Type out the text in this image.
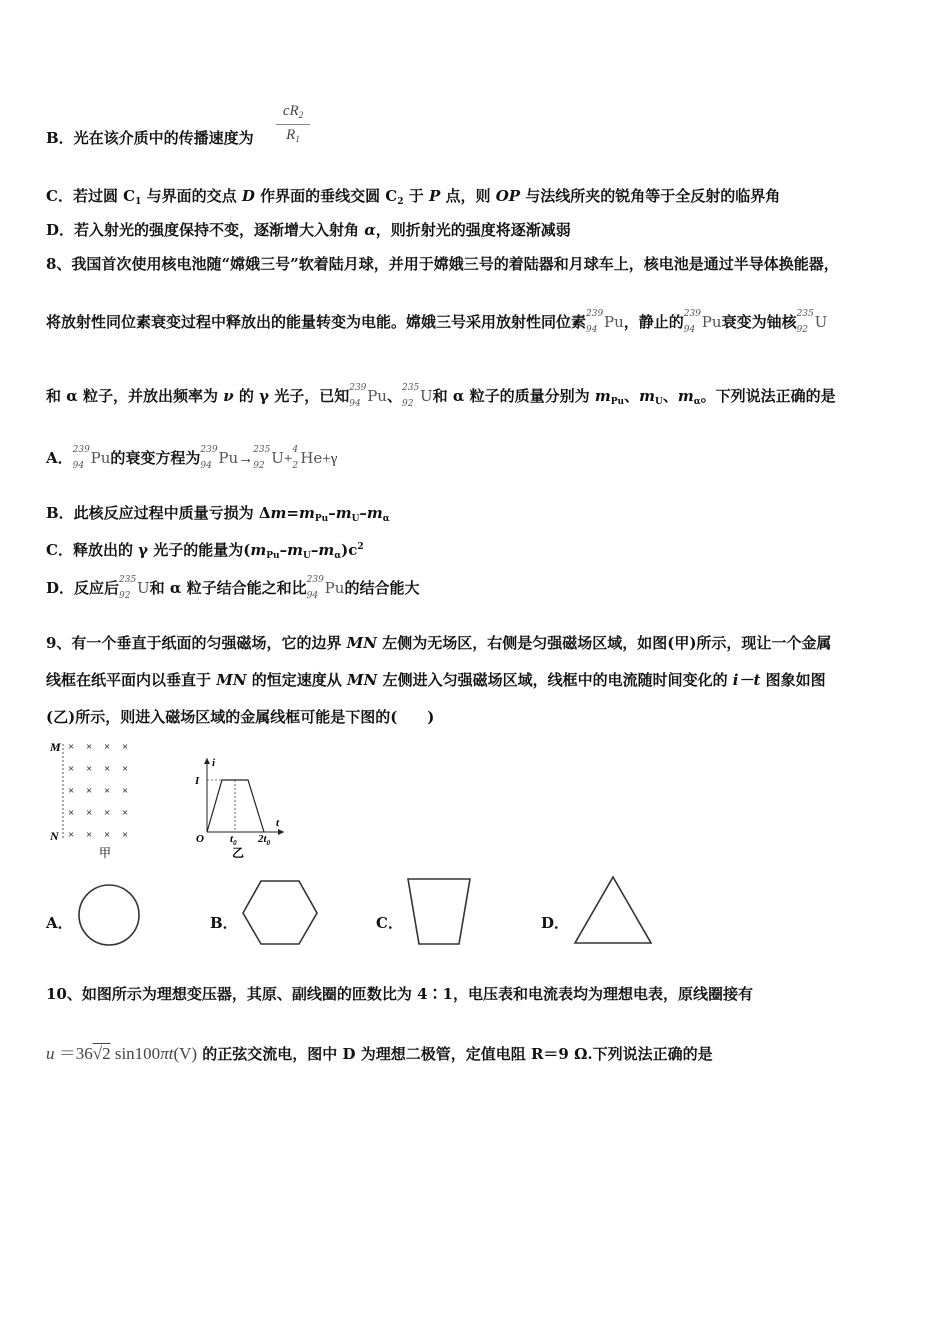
B．光在该介质中的传播速度为 $\frac{cR_2}{R_1}$
C．若过圆 $C_1$ 与界面的交点 D 作界面的垂线交圆 $C_2$ 于 P 点，则 OP 与法线所夹的锐角等于全反射的临界角
D．若入射光的强度保持不变，逐渐增大入射角 α，则折射光的强度将逐渐减弱
8、我国首次使用核电池随“嫦娥三号”软着陆月球，并用于嫦娥三号的着陆器和月球车上，核电池是通过半导体换能器，
将放射性同位素衰变过程中释放出的能量转变为电能。嫦娥三号采用放射性同位素 239
94 Pu，静止的 239
94 Pu衰变为铀核 235
92 U
和 α 粒子，并放出频率为 ν 的 γ 光子，已知 239
94 Pu、 235
92 U和 α 粒子的质量分别为 $m_{Pu}$、$m_U$、$m_\alpha$。下列说法正确的是
A． 239
94 Pu的衰变方程为 239
94 Pu→
235
92 U+
4
2 He+γ
B．此核反应过程中质量亏损为 $\Delta m=m_{Pu}-m_U-m_\alpha$
C．释放出的 γ 光子的能量为$(m_{Pu}-m_U-m_\alpha)c^2$
D．反应后 235
92 U和 α 粒子结合能之和比 239
94 Pu的结合能大
9、有一个垂直于纸面的匀强磁场，它的边界 MN 左侧为无场区，右侧是匀强磁场区域，如图(甲)所示，现让一个金属
线框在纸平面内以垂直于 MN 的恒定速度从 MN 左侧进入匀强磁场区域，线框中的电流随时间变化的 i－t 图象如图
(乙)所示，则进入磁场区域的金属线框可能是下图的(　　)
M
N
× × × ×
× × × ×
× × × ×
× × × ×
× × × ×
甲
i
I
O
t
$t_0$ $2t_0$
乙
A．	B．	C．	D．
10、如图所示为理想变压器，其原、副线圈的匝数比为 4∶1，电压表和电流表均为理想电表，原线圈接有
u ＝36√2 sin100πt(V) 的正弦交流电，图中 D 为理想二极管，定值电阻 R＝9 Ω.下列说法正确的是
